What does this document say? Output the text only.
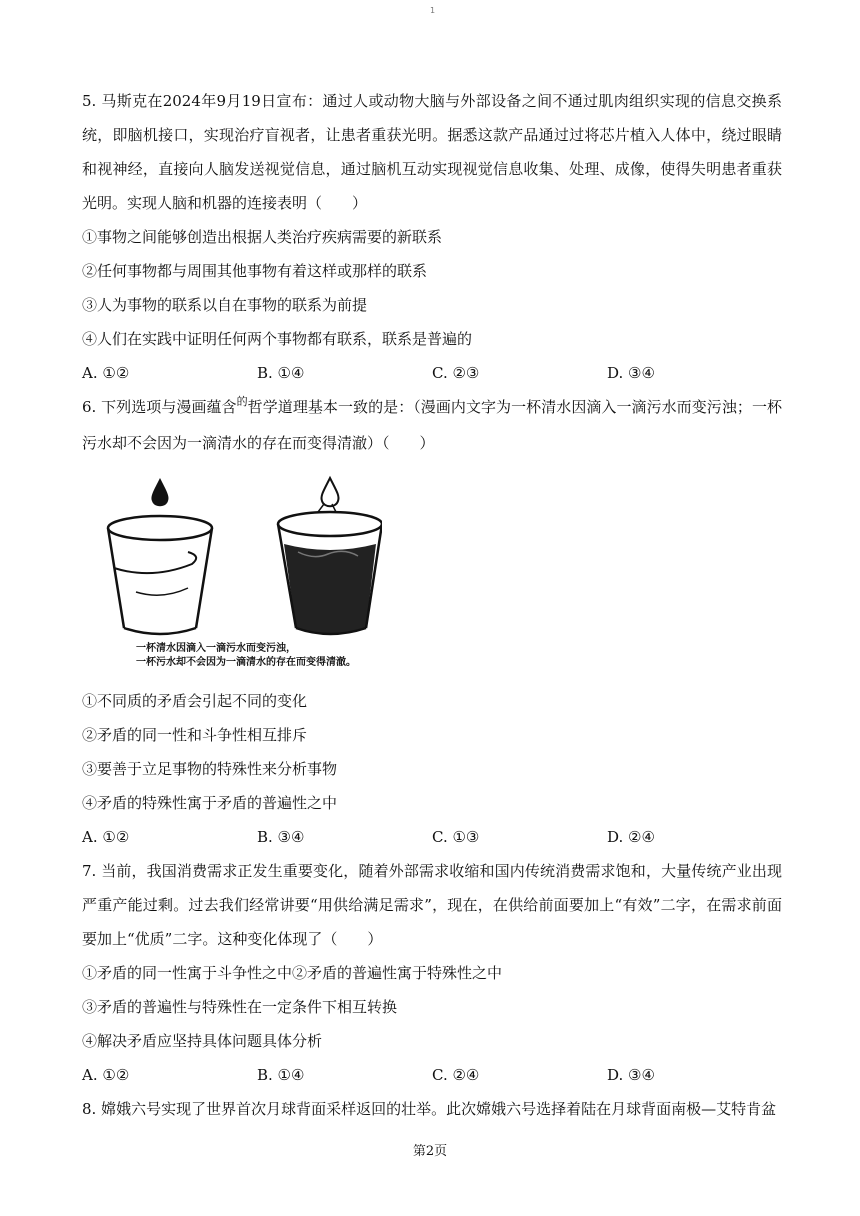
1

5. 马斯克在2024年9月19日宣布：通过人或动物大脑与外部设备之间不通过肌肉组织实现的信息交换系统，即脑机接口，实现治疗盲视者，让患者重获光明。据悉这款产品通过过将芯片植入人体中，绕过眼睛和视神经，直接向人脑发送视觉信息，通过脑机互动实现视觉信息收集、处理、成像，使得失明患者重获光明。实现人脑和机器的连接表明（　　）

①事物之间能够创造出根据人类治疗疾病需要的新联系

②任何事物都与周围其他事物有着这样或那样的联系

③人为事物的联系以自在事物的联系为前提

④人们在实践中证明任何两个事物都有联系，联系是普遍的

A. ①②	B. ①④	C. ②③	D. ③④

6. 下列选项与漫画蕴含$^的$哲学道理基本一致的是：（漫画内文字为一杯清水因滴入一滴污水而变污浊；一杯污水却不会因为一滴清水的存在而变得清澈）（　　）

一杯清水因滴入一滴污水而变污浊，
一杯污水却不会因为一滴清水的存在而变得清澈。

①不同质的矛盾会引起不同的变化

②矛盾的同一性和斗争性相互排斥

③要善于立足事物的特殊性来分析事物

④矛盾的特殊性寓于矛盾的普遍性之中

A. ①②	B. ③④	C. ①③	D. ②④

7. 当前，我国消费需求正发生重要变化，随着外部需求收缩和国内传统消费需求饱和，大量传统产业出现严重产能过剩。过去我们经常讲要“用供给满足需求”，现在，在供给前面要加上“有效”二字，在需求前面要加上“优质”二字。这种变化体现了（　　）

①矛盾的同一性寓于斗争性之中②矛盾的普遍性寓于特殊性之中

③矛盾的普遍性与特殊性在一定条件下相互转换

④解决矛盾应坚持具体问题具体分析

A. ①②	B. ①④	C. ②④	D. ③④

8. 嫦娥六号实现了世界首次月球背面采样返回的壮举。此次嫦娥六号选择着陆在月球背面南极—艾特肯盆

第2页
